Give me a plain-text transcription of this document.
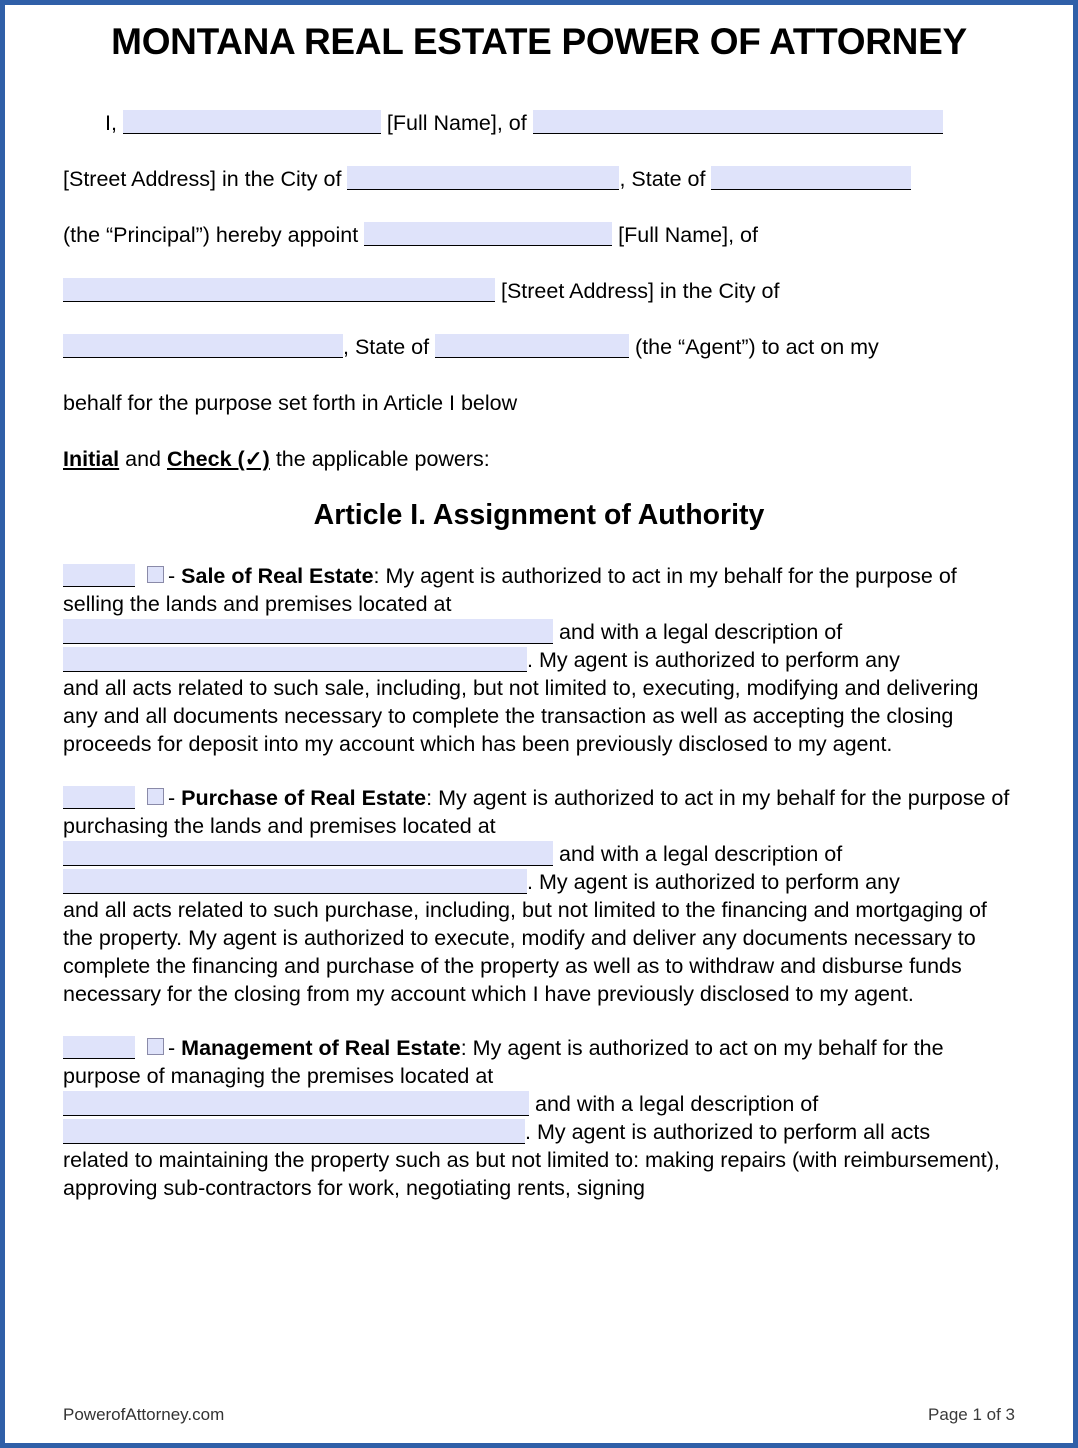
MONTANA REAL ESTATE POWER OF ATTORNEY

I,	[Full Name], of

[Street Address] in the City of	, State of

(the “Principal”) hereby appoint	[Full Name], of

[Street Address] in the City of

, State of	(the “Agent”) to act on my

behalf for the purpose set forth in Article I below

Initial and Check (✓) the applicable powers:

Article I. Assignment of Authority

- Sale of Real Estate: My agent is authorized to act in my behalf for the purpose of selling the lands and premises located at

and with a legal description of

. My agent is authorized to perform any

and all acts related to such sale, including, but not limited to, executing, modifying and delivering any and all documents necessary to complete the transaction as well as accepting the closing proceeds for deposit into my account which has been previously disclosed to my agent.

- Purchase of Real Estate: My agent is authorized to act in my behalf for the purpose of purchasing the lands and premises located at

and with a legal description of

. My agent is authorized to perform any

and all acts related to such purchase, including, but not limited to the financing and mortgaging of the property. My agent is authorized to execute, modify and deliver any documents necessary to complete the financing and purchase of the property as well as to withdraw and disburse funds necessary for the closing from my account which I have previously disclosed to my agent.

- Management of Real Estate: My agent is authorized to act on my behalf for the purpose of managing the premises located at

and with a legal description of

. My agent is authorized to perform all acts

related to maintaining the property such as but not limited to: making repairs (with reimbursement), approving sub-contractors for work, negotiating rents, signing

PowerofAttorney.com	Page 1 of 3
